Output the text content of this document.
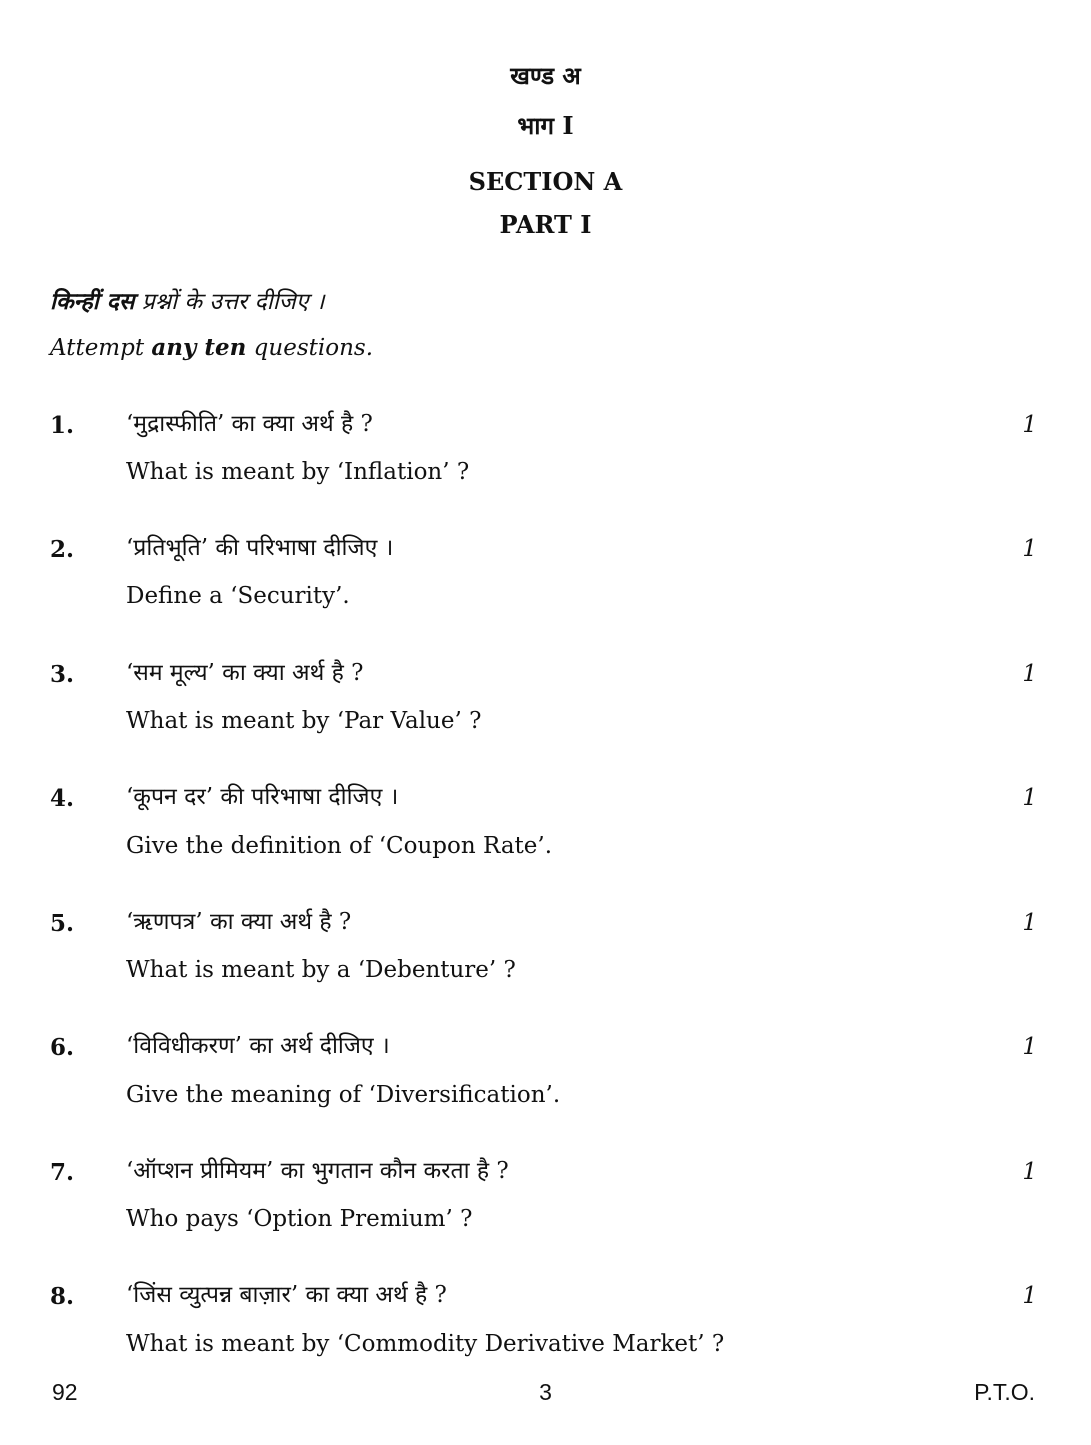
खण्ड अ
भाग I
SECTION A
PART I
किन्हीं दस प्रश्नों के उत्तर दीजिए ।
Attempt any ten questions.
1. ‘मुद्रास्फीति’ का क्या अर्थ है ?	1
What is meant by ‘Inflation’ ?
2. ‘प्रतिभूति’ की परिभाषा दीजिए ।	1
Define a ‘Security’.
3. ‘सम मूल्य’ का क्या अर्थ है ?	1
What is meant by ‘Par Value’ ?
4. ‘कूपन दर’ की परिभाषा दीजिए ।	1
Give the definition of ‘Coupon Rate’.
5. ‘ऋणपत्र’ का क्या अर्थ है ?	1
What is meant by a ‘Debenture’ ?
6. ‘विविधीकरण’ का अर्थ दीजिए ।	1
Give the meaning of ‘Diversification’.
7. ‘ऑप्शन प्रीमियम’ का भुगतान कौन करता है ?	1
Who pays ‘Option Premium’ ?
8. ‘जिंस व्युत्पन्न बाज़ार’ का क्या अर्थ है ?	1
What is meant by ‘Commodity Derivative Market’ ?
92	3	P.T.O.
